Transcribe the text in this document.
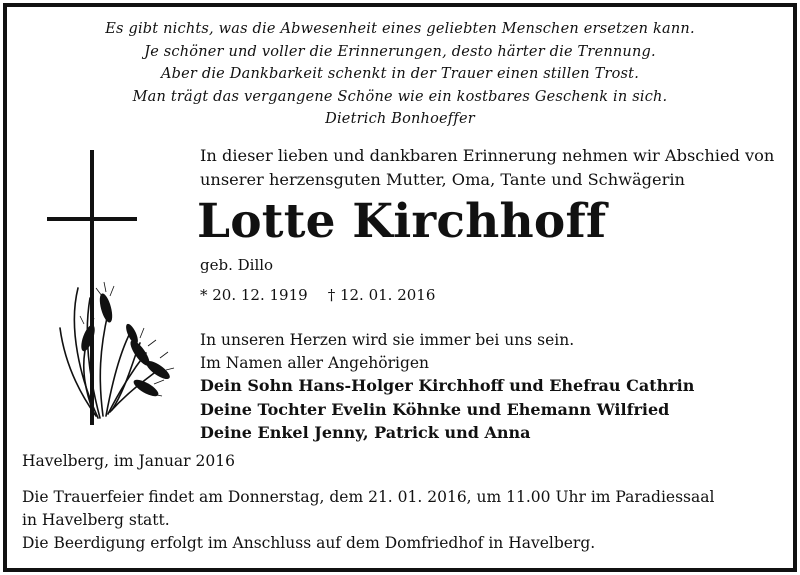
Es gibt nichts, was die Abwesenheit eines geliebten Menschen ersetzen kann.
Je schöner und voller die Erinnerungen, desto härter die Trennung.
Aber die Dankbarkeit schenkt in der Trauer einen stillen Trost.
Man trägt das vergangene Schöne wie ein kostbares Geschenk in sich.
Dietrich Bonhoeffer
In dieser lieben und dankbaren Erinnerung nehmen wir Abschied von
unserer herzensguten Mutter, Oma, Tante und Schwägerin
Lotte Kirchhoff
geb. Dillo
* 20. 12. 1919 † 12. 01. 2016
In unseren Herzen wird sie immer bei uns sein.
Im Namen aller Angehörigen
Dein Sohn Hans-Holger Kirchhoff und Ehefrau Cathrin
Deine Tochter Evelin Köhnke und Ehemann Wilfried
Deine Enkel Jenny, Patrick und Anna
Havelberg, im Januar 2016
Die Trauerfeier findet am Donnerstag, dem 21. 01. 2016, um 11.00 Uhr im Paradiessaal
in Havelberg statt.
Die Beerdigung erfolgt im Anschluss auf dem Domfriedhof in Havelberg.
